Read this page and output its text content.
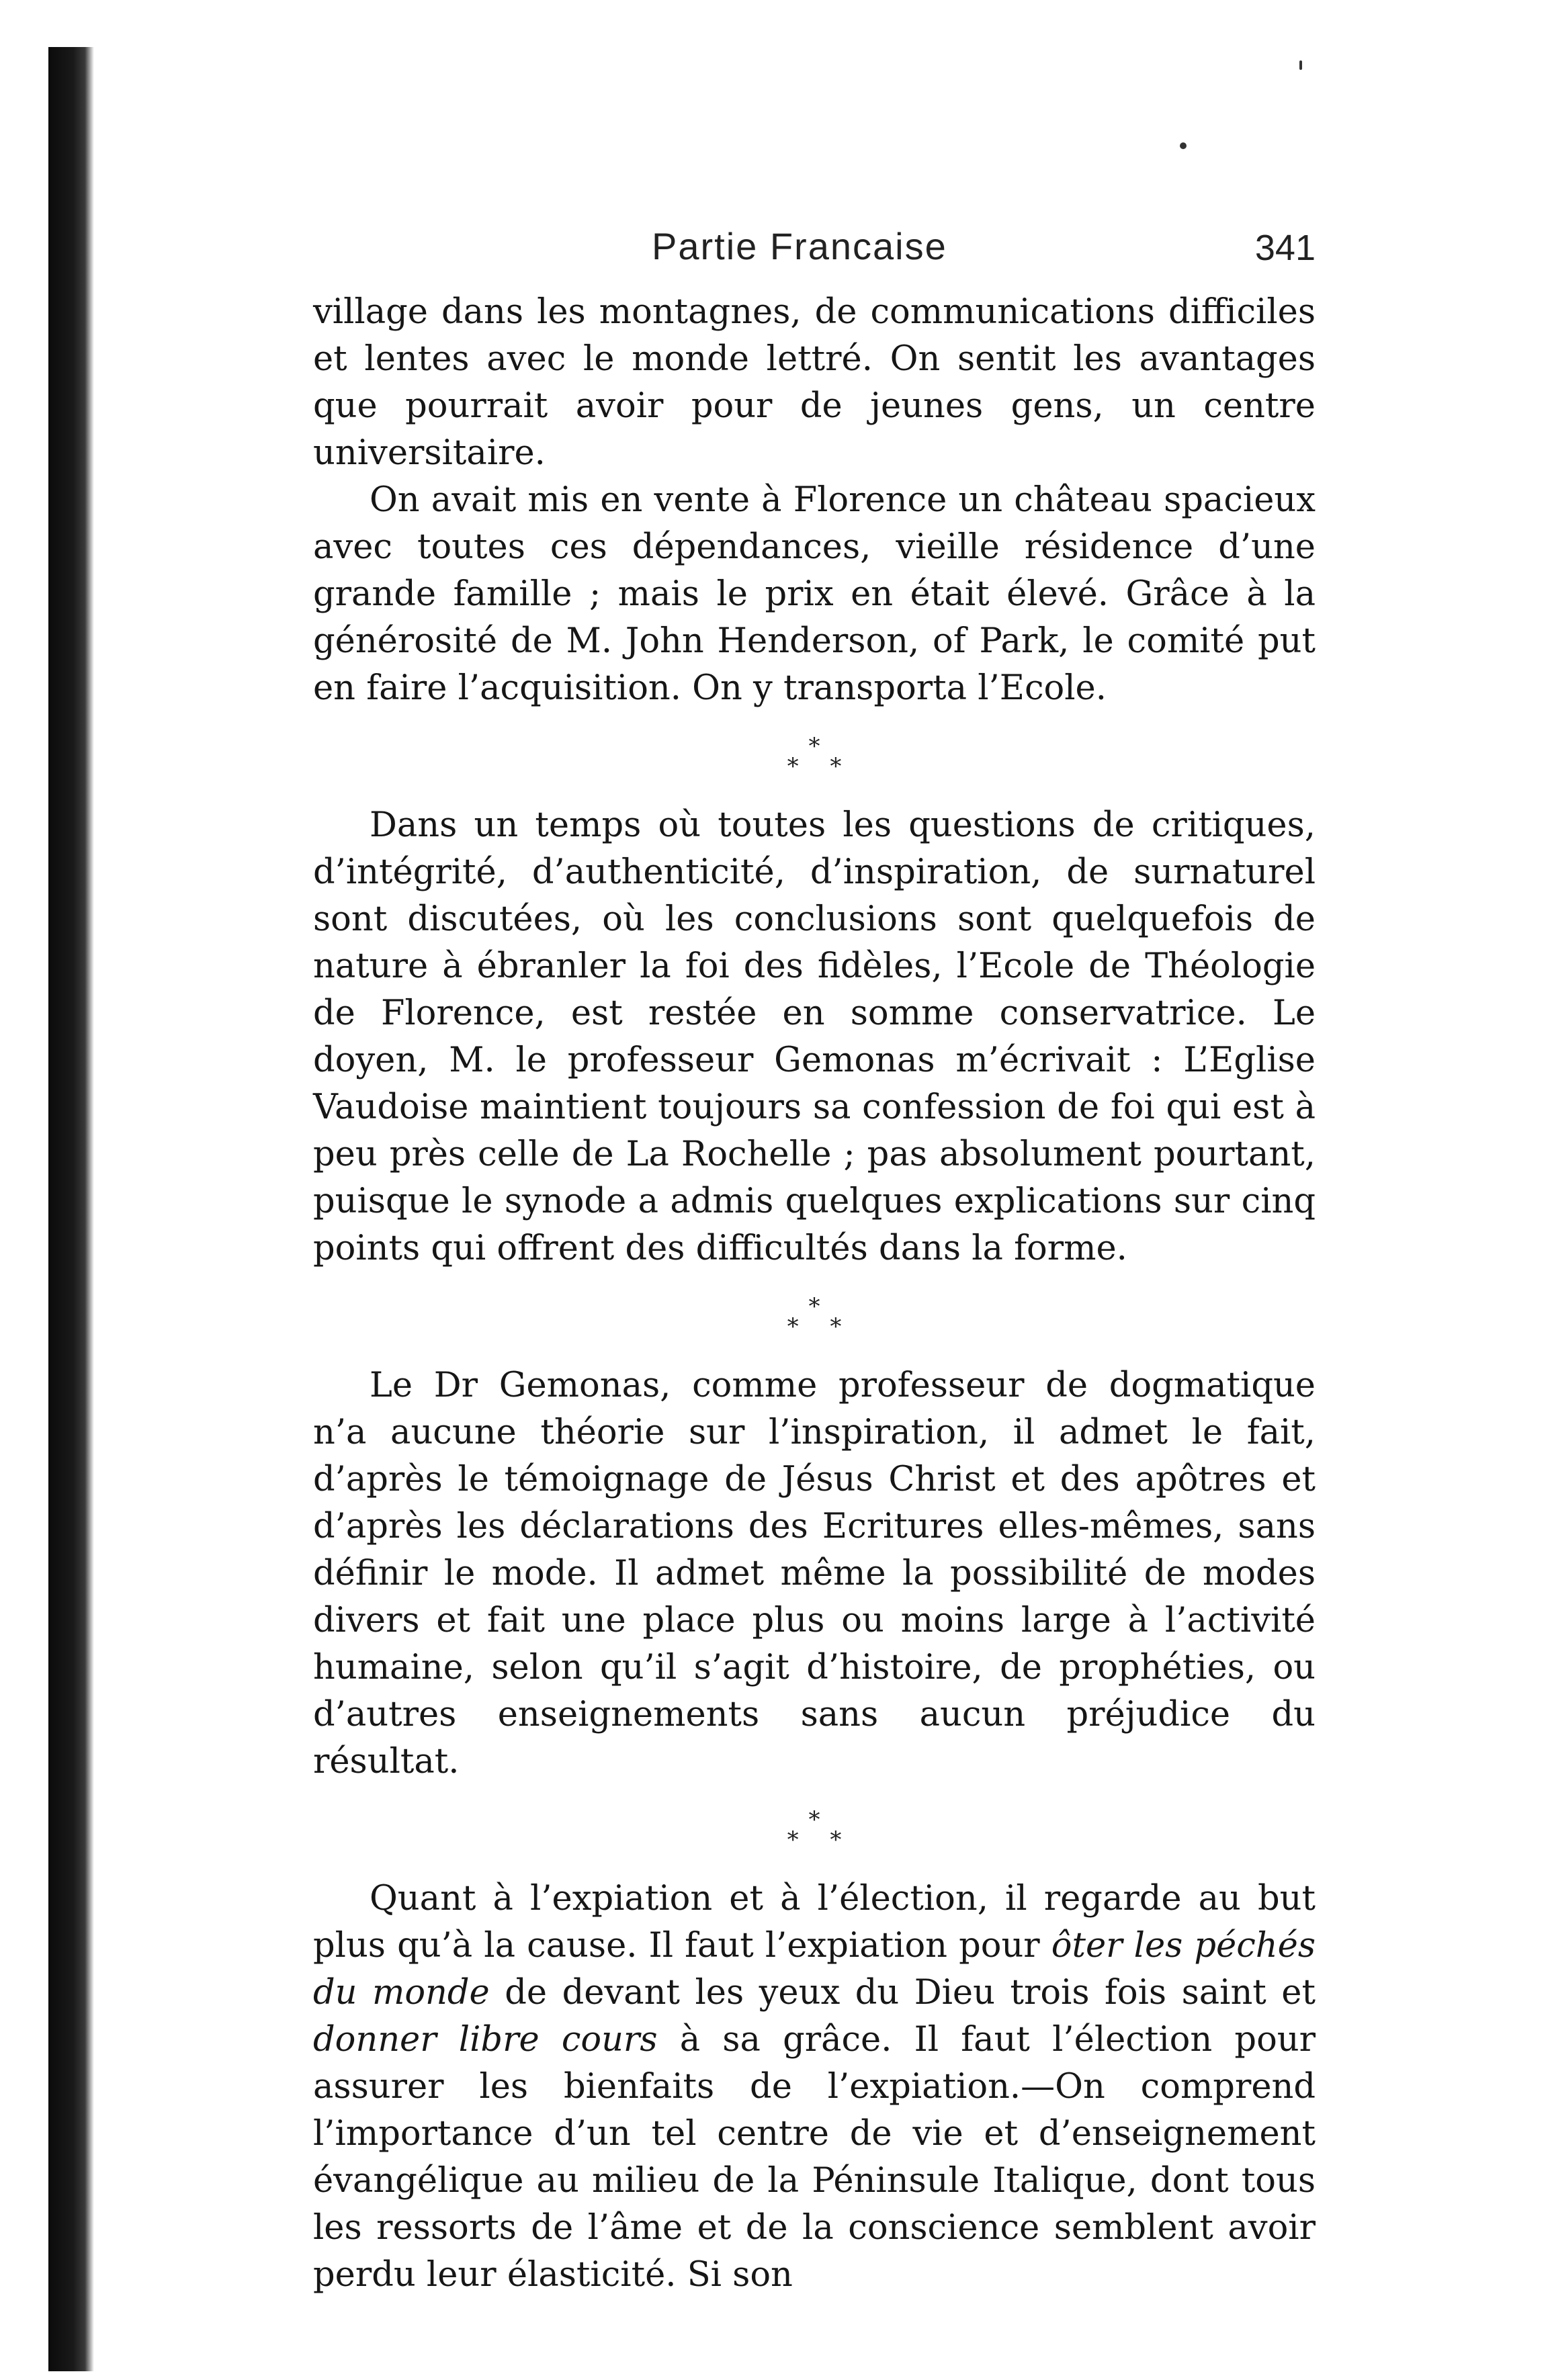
Partie Francaise	341

village dans les montagnes, de communications difficiles et lentes avec le monde lettré. On sentit les avantages que pourrait avoir pour de jeunes gens, un centre universitaire.

On avait mis en vente à Florence un château spacieux avec toutes ces dépendances, vieille résidence d’une grande famille ; mais le prix en était élevé. Grâce à la générosité de M. John Henderson, of Park, le comité put en faire l’acquisition. On y transporta l’Ecole.

*
* *

Dans un temps où toutes les questions de critiques, d’intégrité, d’authenticité, d’inspiration, de surnaturel sont discutées, où les conclusions sont quelquefois de nature à ébranler la foi des fidèles, l’Ecole de Théologie de Florence, est restée en somme conservatrice. Le doyen, M. le professeur Gemonas m’écrivait : L’Eglise Vaudoise maintient toujours sa confession de foi qui est à peu près celle de La Rochelle ; pas absolument pourtant, puisque le synode a admis quelques explications sur cinq points qui offrent des difficultés dans la forme.

*
* *

Le Dr Gemonas, comme professeur de dogmatique n’a aucune théorie sur l’inspiration, il admet le fait, d’après le témoignage de Jésus Christ et des apôtres et d’après les déclarations des Ecritures elles-mêmes, sans définir le mode. Il admet même la possibilité de modes divers et fait une place plus ou moins large à l’activité humaine, selon qu’il s’agit d’histoire, de prophéties, ou d’autres enseignements sans aucun préjudice du résultat.

*
* *

Quant à l’expiation et à l’élection, il regarde au but plus qu’à la cause. Il faut l’expiation pour ôter les péchés du monde de devant les yeux du Dieu trois fois saint et donner libre cours à sa grâce. Il faut l’élection pour assurer les bienfaits de l’expiation.—On comprend l’importance d’un tel centre de vie et d’enseignement évangélique au milieu de la Péninsule Italique, dont tous les ressorts de l’âme et de la conscience semblent avoir perdu leur élasticité. Si son
